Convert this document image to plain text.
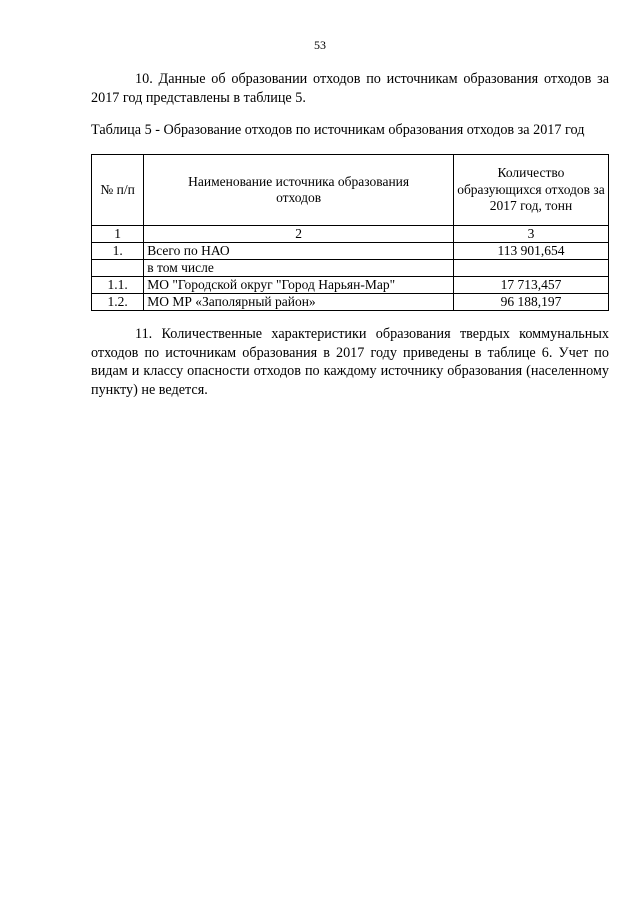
53

10. Данные об образовании отходов по источникам образования отходов за 2017 год представлены в таблице 5.

Таблица 5 - Образование отходов по источникам образования отходов за 2017 год

№ п/п	Наименование источника образования отходов	Количество образующихся отходов за 2017 год, тонн
1	2	3
1.	Всего по НАО	113 901,654
	в том числе	
1.1.	МО "Городской округ "Город Нарьян-Мар"	17 713,457
1.2.	МО МР «Заполярный район»	96 188,197

11. Количественные характеристики образования твердых коммунальных отходов по источникам образования в 2017 году приведены в таблице 6. Учет по видам и классу опасности отходов по каждому источнику образования (населенному пункту) не ведется.
